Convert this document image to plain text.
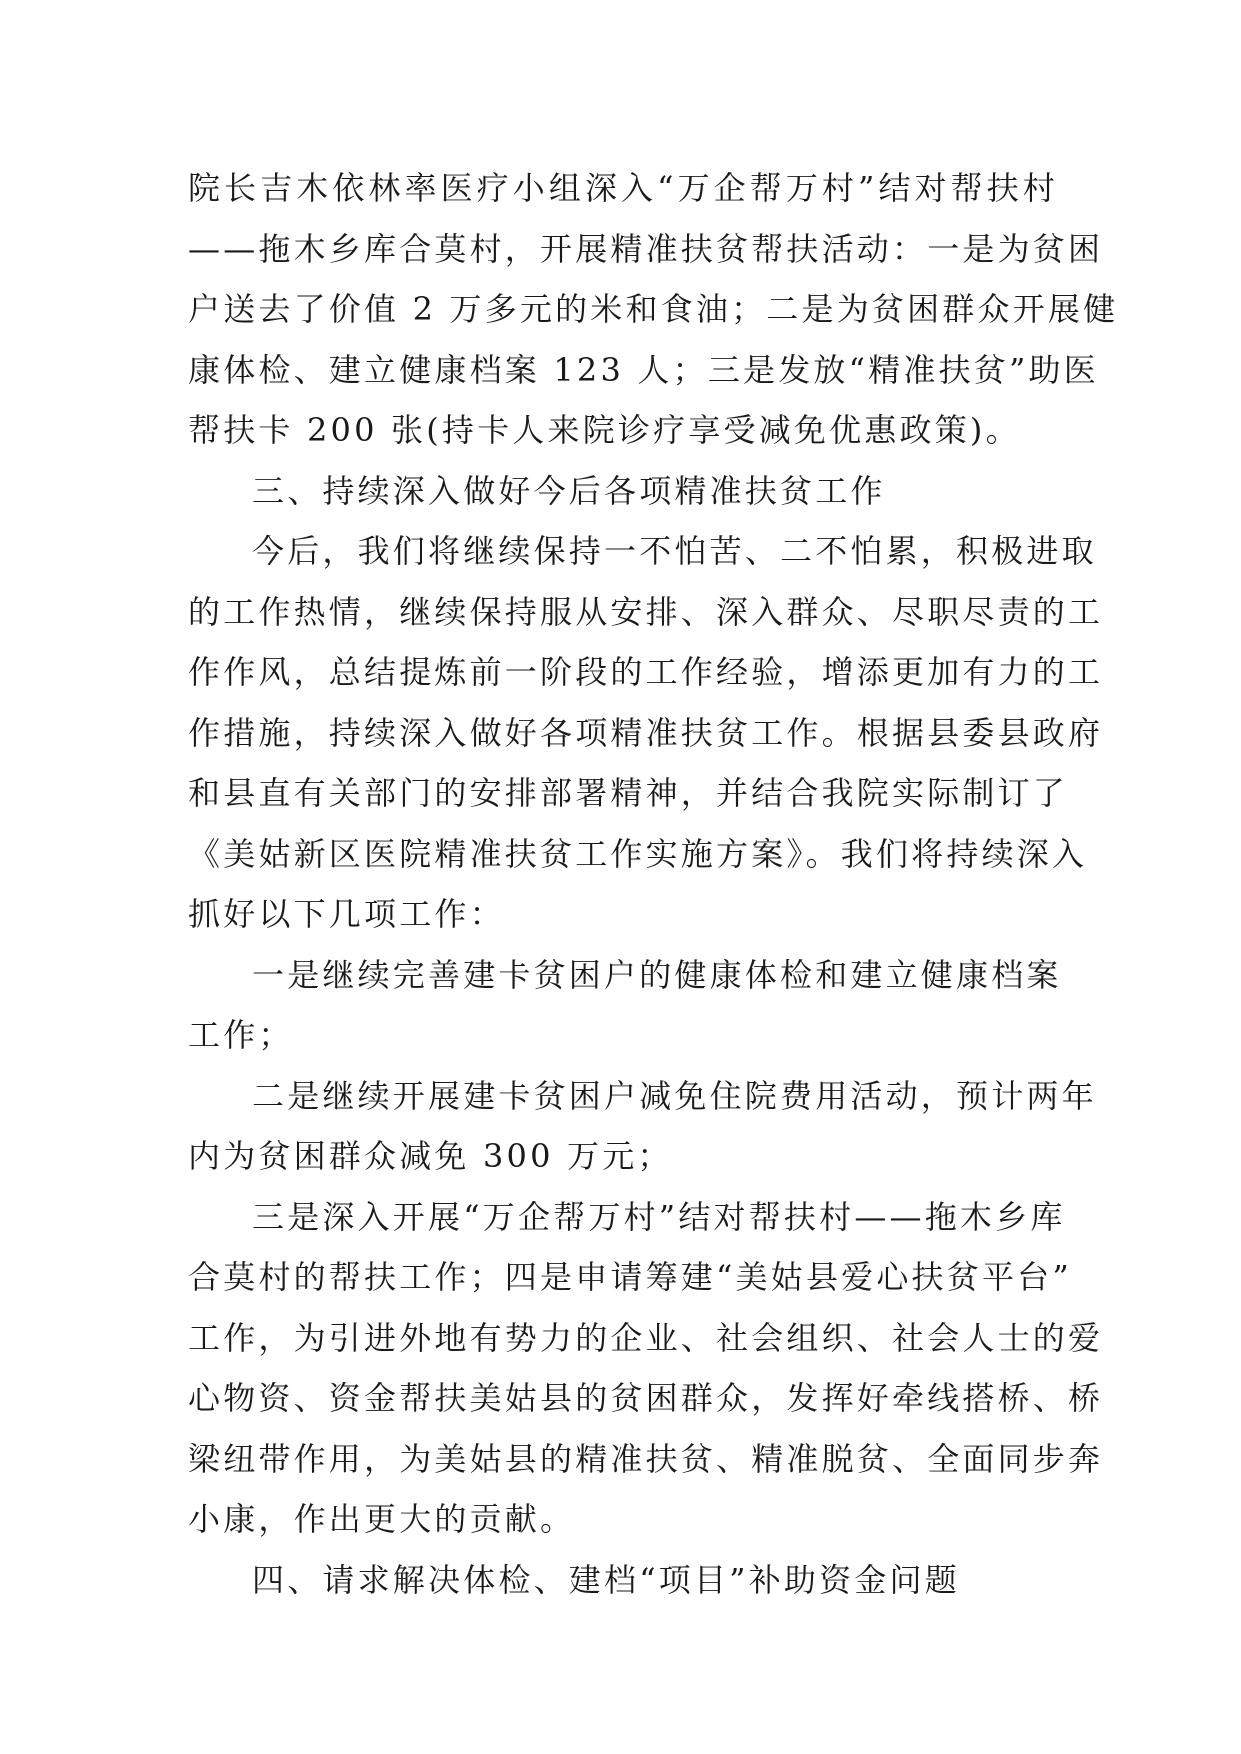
院长吉木依林率医疗小组深入“万企帮万村”结对帮扶村
——拖木乡库合莫村，开展精准扶贫帮扶活动：一是为贫困
户送去了价值 2 万多元的米和食油；二是为贫困群众开展健
康体检、建立健康档案 123 人；三是发放“精准扶贫”助医
帮扶卡 200 张(持卡人来院诊疗享受减免优惠政策)。
三、持续深入做好今后各项精准扶贫工作
今后，我们将继续保持一不怕苦、二不怕累，积极进取
的工作热情，继续保持服从安排、深入群众、尽职尽责的工
作作风，总结提炼前一阶段的工作经验，增添更加有力的工
作措施，持续深入做好各项精准扶贫工作。根据县委县政府
和县直有关部门的安排部署精神，并结合我院实际制订了
《美姑新区医院精准扶贫工作实施方案》。我们将持续深入
抓好以下几项工作：
一是继续完善建卡贫困户的健康体检和建立健康档案
工作；
二是继续开展建卡贫困户减免住院费用活动，预计两年
内为贫困群众减免 300 万元；
三是深入开展“万企帮万村”结对帮扶村——拖木乡库
合莫村的帮扶工作；四是申请筹建“美姑县爱心扶贫平台”
工作，为引进外地有势力的企业、社会组织、社会人士的爱
心物资、资金帮扶美姑县的贫困群众，发挥好牵线搭桥、桥
梁纽带作用，为美姑县的精准扶贫、精准脱贫、全面同步奔
小康，作出更大的贡献。
四、请求解决体检、建档“项目”补助资金问题
